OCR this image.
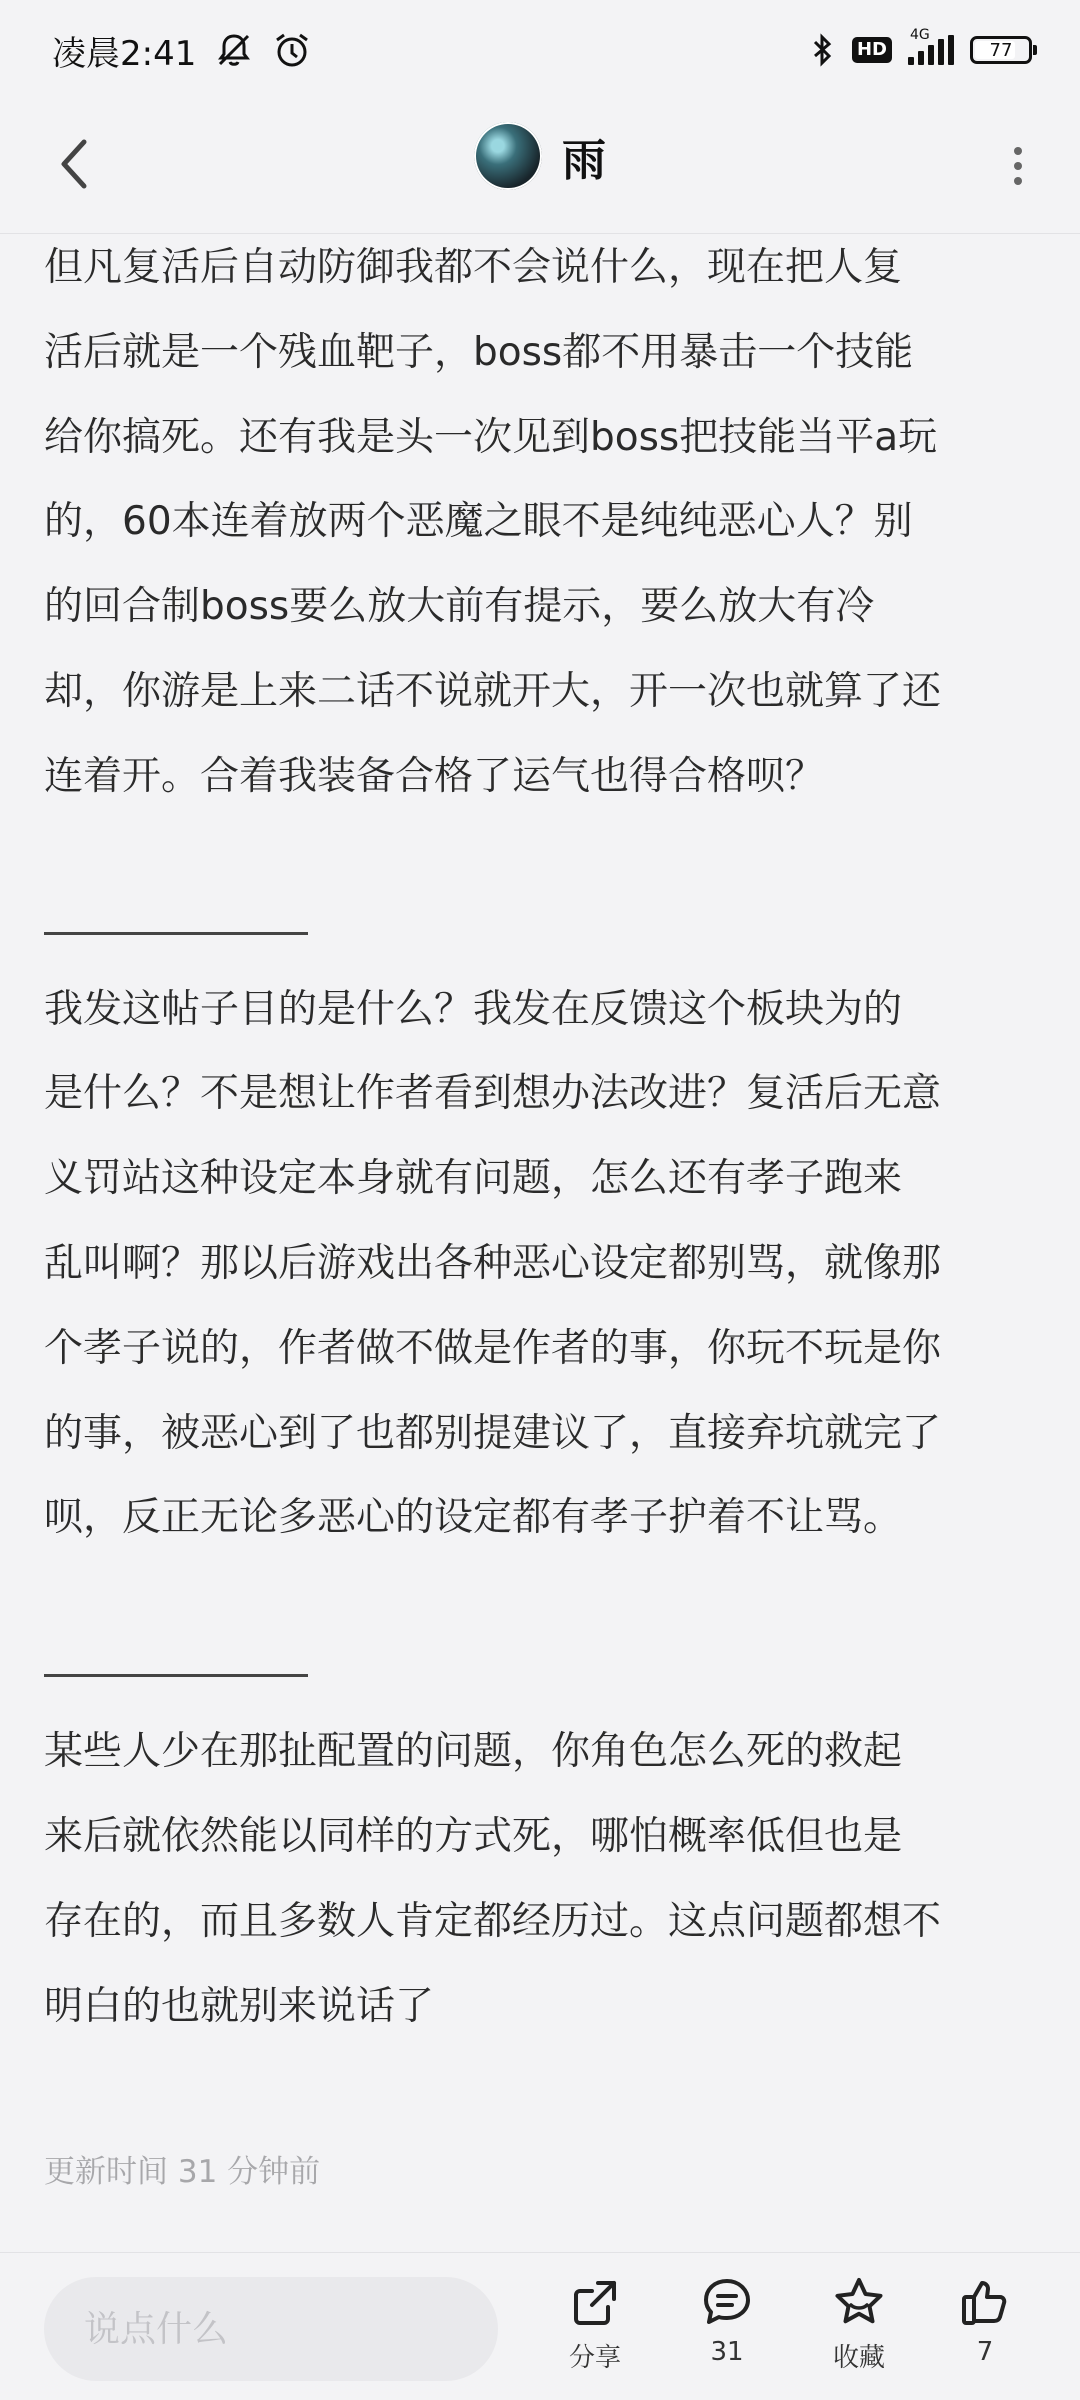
凌晨2:41	HD
4G
77
雨
但凡复活后自动防御我都不会说什么，现在把人复
活后就是一个残血靶子，boss都不用暴击一个技能
给你搞死。还有我是头一次见到boss把技能当平a玩
的，60本连着放两个恶魔之眼不是纯纯恶心人？别
的回合制boss要么放大前有提示，要么放大有冷
却，你游是上来二话不说就开大，开一次也就算了还
连着开。合着我装备合格了运气也得合格呗？
我发这帖子目的是什么？我发在反馈这个板块为的
是什么？不是想让作者看到想办法改进？复活后无意
义罚站这种设定本身就有问题，怎么还有孝子跑来
乱叫啊？那以后游戏出各种恶心设定都别骂，就像那
个孝子说的，作者做不做是作者的事，你玩不玩是你
的事，被恶心到了也都别提建议了，直接弃坑就完了
呗，反正无论多恶心的设定都有孝子护着不让骂。
某些人少在那扯配置的问题，你角色怎么死的救起
来后就依然能以同样的方式死，哪怕概率低但也是
存在的，而且多数人肯定都经历过。这点问题都想不
明白的也就别来说话了
更新时间 31 分钟前
说点什么
分享	31	收藏	7
